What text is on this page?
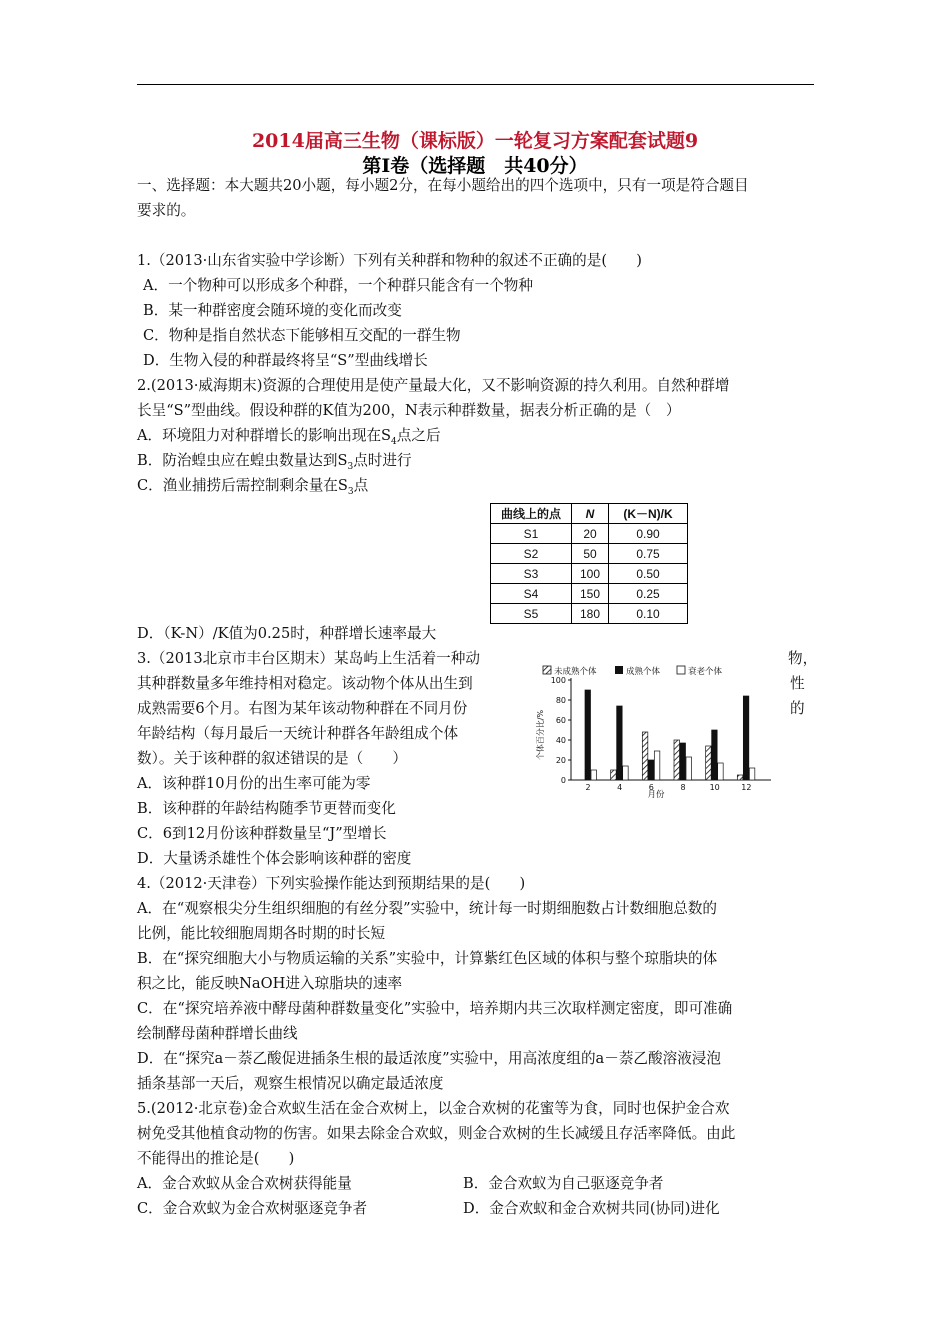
2014届高三生物（课标版）一轮复习方案配套试题9
第Ⅰ卷（选择题　共40分）
一、选择题：本大题共20小题，每小题2分，在每小题给出的四个选项中，只有一项是符合题目
要求的。
1.（2013·山东省实验中学诊断）下列有关种群和物种的叙述不正确的是(　　)
A．一个物种可以形成多个种群，一个种群只能含有一个物种
B．某一种群密度会随环境的变化而改变
C．物种是指自然状态下能够相互交配的一群生物
D．生物入侵的种群最终将呈“S”型曲线增长
2.(2013·威海期末)资源的合理使用是使产量最大化，又不影响资源的持久利用。自然种群增
长呈“S”型曲线。假设种群的K值为200，N表示种群数量，据表分析正确的是（　）
A．环境阻力对种群增长的影响出现在$S_4$点之后
B．防治蝗虫应在蝗虫数量达到$S_3$点时进行
C．渔业捕捞后需控制剩余量在$S_3$点
曲线上的点	N	(K－N)/K
S1	20	0.90
S2	50	0.75
S3	100	0.50
S4	150	0.25
S5	180	0.10
D．（K-N）/K值为0.25时，种群增长速率最大
3.（2013北京市丰台区期末）某岛屿上生活着一种动	物，
其种群数量多年维持相对稳定。该动物个体从出生到	性
成熟需要6个月。右图为某年该动物种群在不同月份	的
年龄结构（每月最后一天统计种群各年龄组成个体
数）。关于该种群的叙述错误的是（　　）
A．该种群10月份的出生率可能为零
B．该种群的年龄结构随季节更替而变化
C．6到12月份该种群数量呈“J”型增长
D．大量诱杀雄性个体会影响该种群的密度
未成熟个体	成熟个体	衰老个体
个体百分比/%
月份
0
20
40
60
80
100
2	4	6	8	10	12
4.（2012·天津卷）下列实验操作能达到预期结果的是(　　)
A．在“观察根尖分生组织细胞的有丝分裂”实验中，统计每一时期细胞数占计数细胞总数的
比例，能比较细胞周期各时期的时长短
B．在“探究细胞大小与物质运输的关系”实验中，计算紫红色区域的体积与整个琼脂块的体
积之比，能反映NaOH进入琼脂块的速率
C．在“探究培养液中酵母菌种群数量变化”实验中，培养期内共三次取样测定密度，即可准确
绘制酵母菌种群增长曲线
D．在“探究a－萘乙酸促进插条生根的最适浓度”实验中，用高浓度组的a－萘乙酸溶液浸泡
插条基部一天后，观察生根情况以确定最适浓度
5.(2012·北京卷)金合欢蚁生活在金合欢树上，以金合欢树的花蜜等为食，同时也保护金合欢
树免受其他植食动物的伤害。如果去除金合欢蚁，则金合欢树的生长减缓且存活率降低。由此
不能得出的推论是(　　)
A．金合欢蚁从金合欢树获得能量	B．金合欢蚁为自己驱逐竞争者
C．金合欢蚁为金合欢树驱逐竞争者	D．金合欢蚁和金合欢树共同(协同)进化
